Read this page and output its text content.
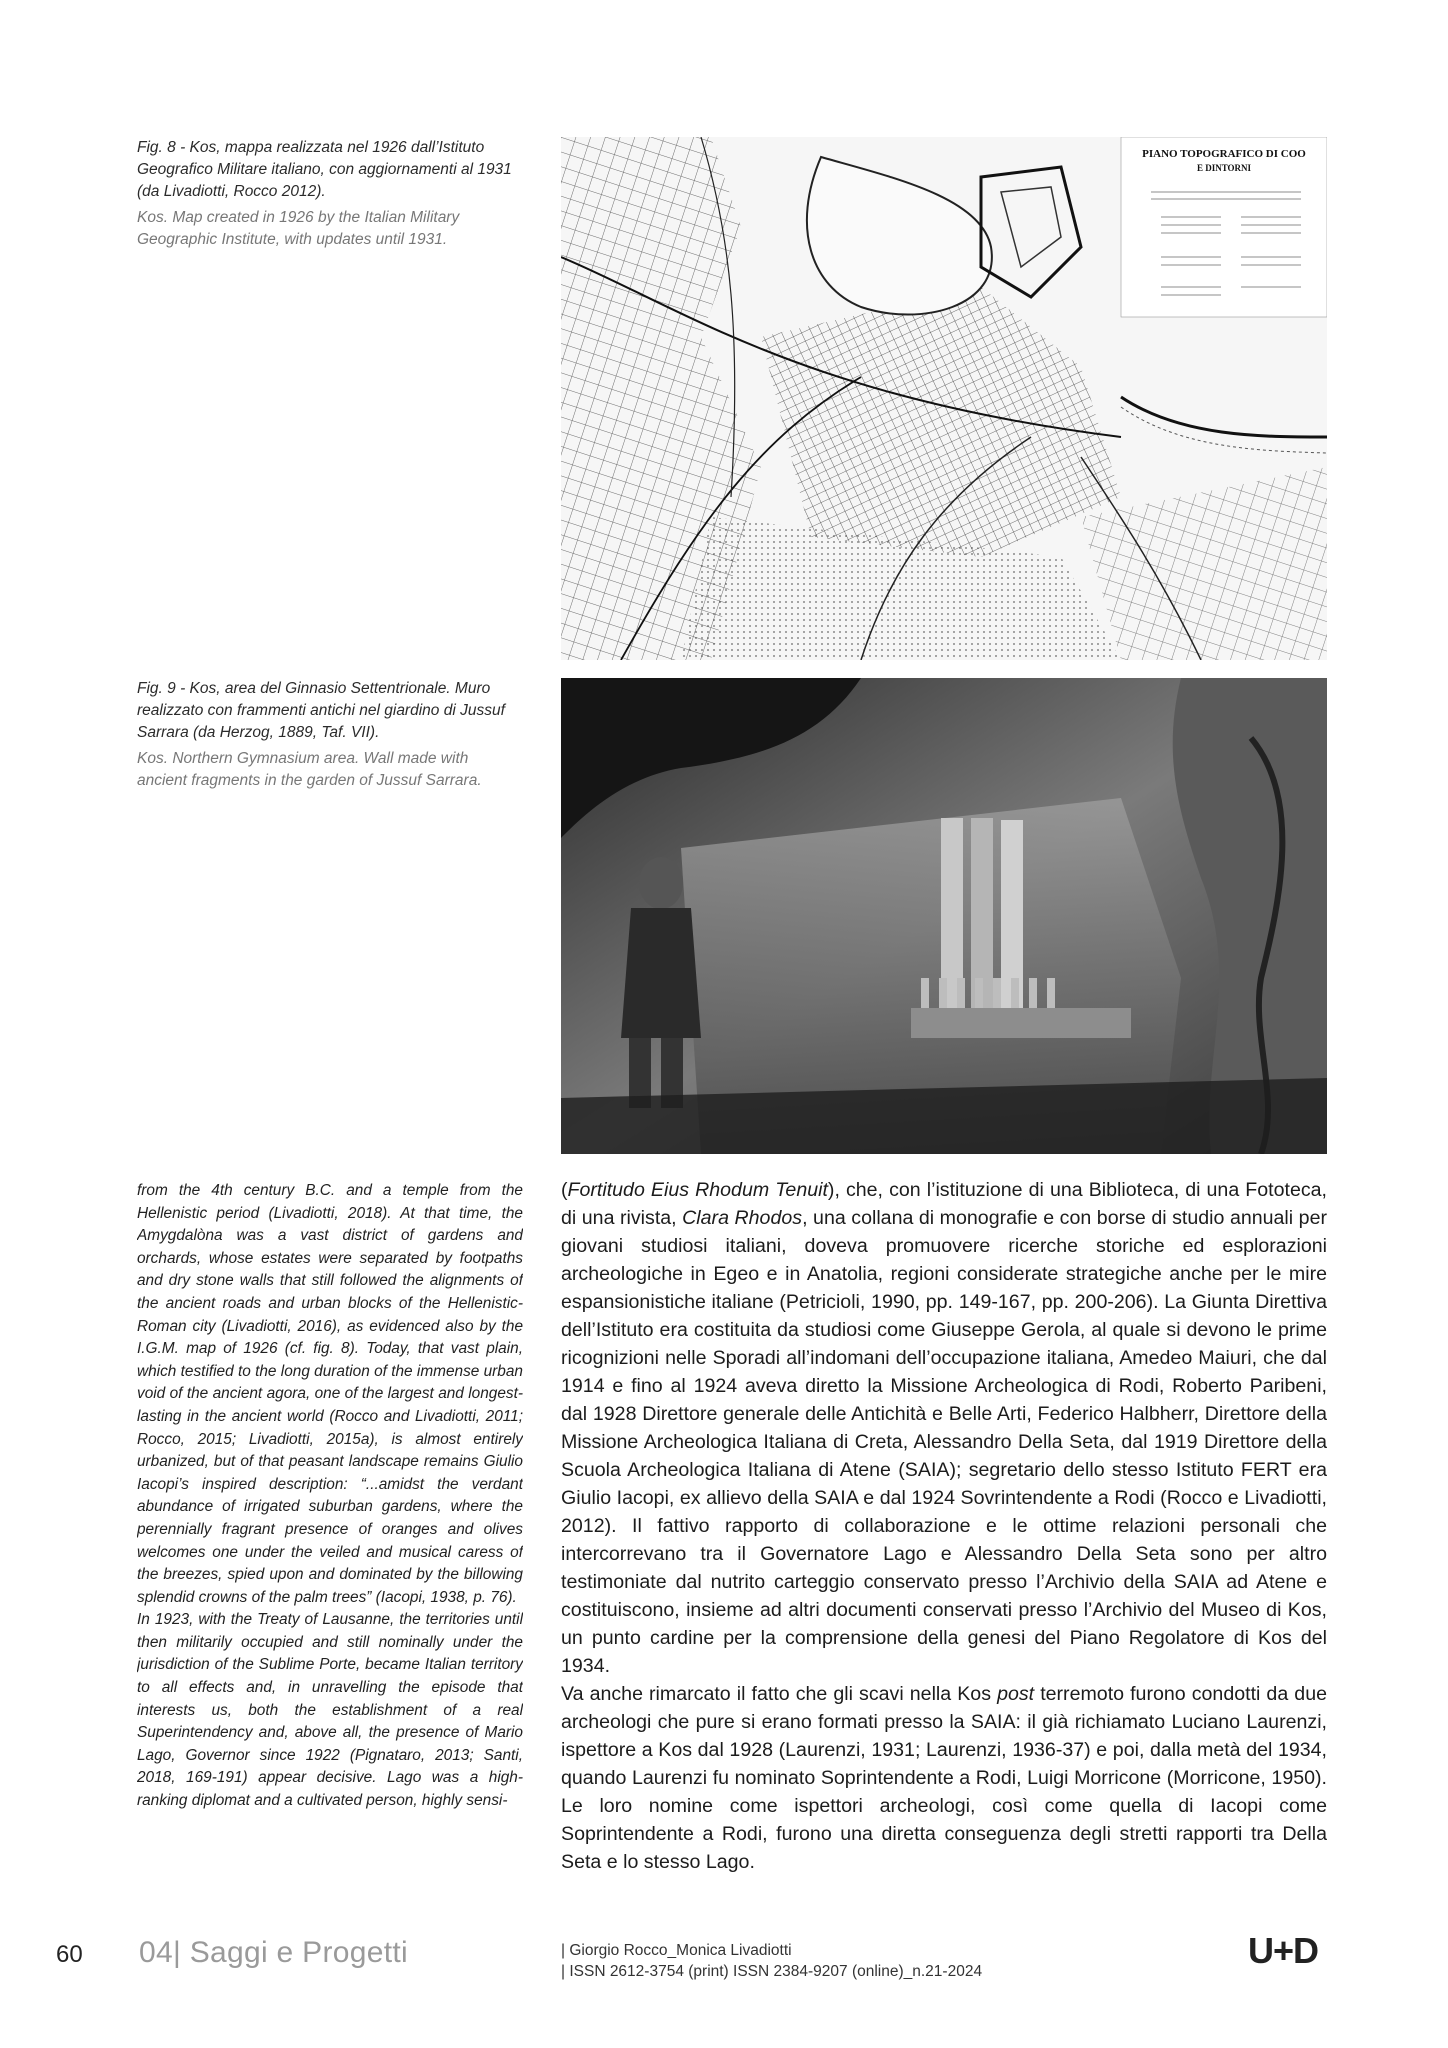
Fig. 8 - Kos, mappa realizzata nel 1926 dall’Istituto Geografico Militare italiano, con aggiornamenti al 1931 (da Livadiotti, Rocco 2012).
Kos. Map created in 1926 by the Italian Military Geographic Institute, with updates until 1931.
PIANO TOPOGRAFICO DI COO
E DINTORNI
Fig. 9 - Kos, area del Ginnasio Settentrionale. Muro realizzato con frammenti antichi nel giardino di Jussuf Sarrara (da Herzog, 1889, Taf. VII).
Kos. Northern Gymnasium area. Wall made with ancient fragments in the garden of Jussuf Sarrara.

from the 4th century B.C. and a temple from the Hellenistic period (Livadiotti, 2018). At that time, the Amygdalòna was a vast district of gardens and orchards, whose estates were separated by footpaths and dry stone walls that still followed the alignments of the ancient roads and urban blocks of the Hellenistic-Roman city (Livadiotti, 2016), as evidenced also by the I.G.M. map of 1926 (cf. fig. 8). Today, that vast plain, which testified to the long duration of the immense urban void of the ancient agora, one of the largest and longest-lasting in the ancient world (Rocco and Livadiotti, 2011; Rocco, 2015; Livadiotti, 2015a), is almost entirely urbanized, but of that peasant landscape remains Giulio Iacopi’s inspired description: “...amidst the verdant abundance of irrigated suburban gardens, where the perennially fragrant presence of oranges and olives welcomes one under the veiled and musical caress of the breezes, spied upon and dominated by the billowing splendid crowns of the palm trees” (Iacopi, 1938, p. 76).

In 1923, with the Treaty of Lausanne, the territories until then militarily occupied and still nominally under the jurisdiction of the Sublime Porte, became Italian territory to all effects and, in unravelling the episode that interests us, both the establishment of a real Superintendency and, above all, the presence of Mario Lago, Governor since 1922 (Pignataro, 2013; Santi, 2018, 169-191) appear decisive. Lago was a high-ranking diplomat and a cultivated person, highly sensi-

(Fortitudo Eius Rhodum Tenuit), che, con l’istituzione di una Biblioteca, di una Fototeca, di una rivista, Clara Rhodos, una collana di monografie e con borse di studio annuali per giovani studiosi italiani, doveva promuovere ricerche storiche ed esplorazioni archeologiche in Egeo e in Anatolia, regioni considerate strategiche anche per le mire espansionistiche italiane (Petricioli, 1990, pp. 149-167, pp. 200-206). La Giunta Direttiva dell’Istituto era costituita da studiosi come Giuseppe Gerola, al quale si devono le prime ricognizioni nelle Sporadi all’indomani dell’occupazione italiana, Amedeo Maiuri, che dal 1914 e fino al 1924 aveva diretto la Missione Archeologica di Rodi, Roberto Paribeni, dal 1928 Direttore generale delle Antichità e Belle Arti, Federico Halbherr, Direttore della Missione Archeologica Italiana di Creta, Alessandro Della Seta, dal 1919 Direttore della Scuola Archeologica Italiana di Atene (SAIA); segretario dello stesso Istituto FERT era Giulio Iacopi, ex allievo della SAIA e dal 1924 Sovrintendente a Rodi (Rocco e Livadiotti, 2012). Il fattivo rapporto di collaborazione e le ottime relazioni personali che intercorrevano tra il Governatore Lago e Alessandro Della Seta sono per altro testimoniate dal nutrito carteggio conservato presso l’Archivio della SAIA ad Atene e costituiscono, insieme ad altri documenti conservati presso l’Archivio del Museo di Kos, un punto cardine per la comprensione della genesi del Piano Regolatore di Kos del 1934.

Va anche rimarcato il fatto che gli scavi nella Kos post terremoto furono condotti da due archeologi che pure si erano formati presso la SAIA: il già richiamato Luciano Laurenzi, ispettore a Kos dal 1928 (Laurenzi, 1931; Laurenzi, 1936-37) e poi, dalla metà del 1934, quando Laurenzi fu nominato Soprintendente a Rodi, Luigi Morricone (Morricone, 1950). Le loro nomine come ispettori archeologi, così come quella di Iacopi come Soprintendente a Rodi, furono una diretta conseguenza degli stretti rapporti tra Della Seta e lo stesso Lago.

60 04| Saggi e Progetti	| Giorgio Rocco_Monica Livadiotti
| ISSN 2612-3754 (print) ISSN 2384-9207 (online)_n.21-2024
U+D
